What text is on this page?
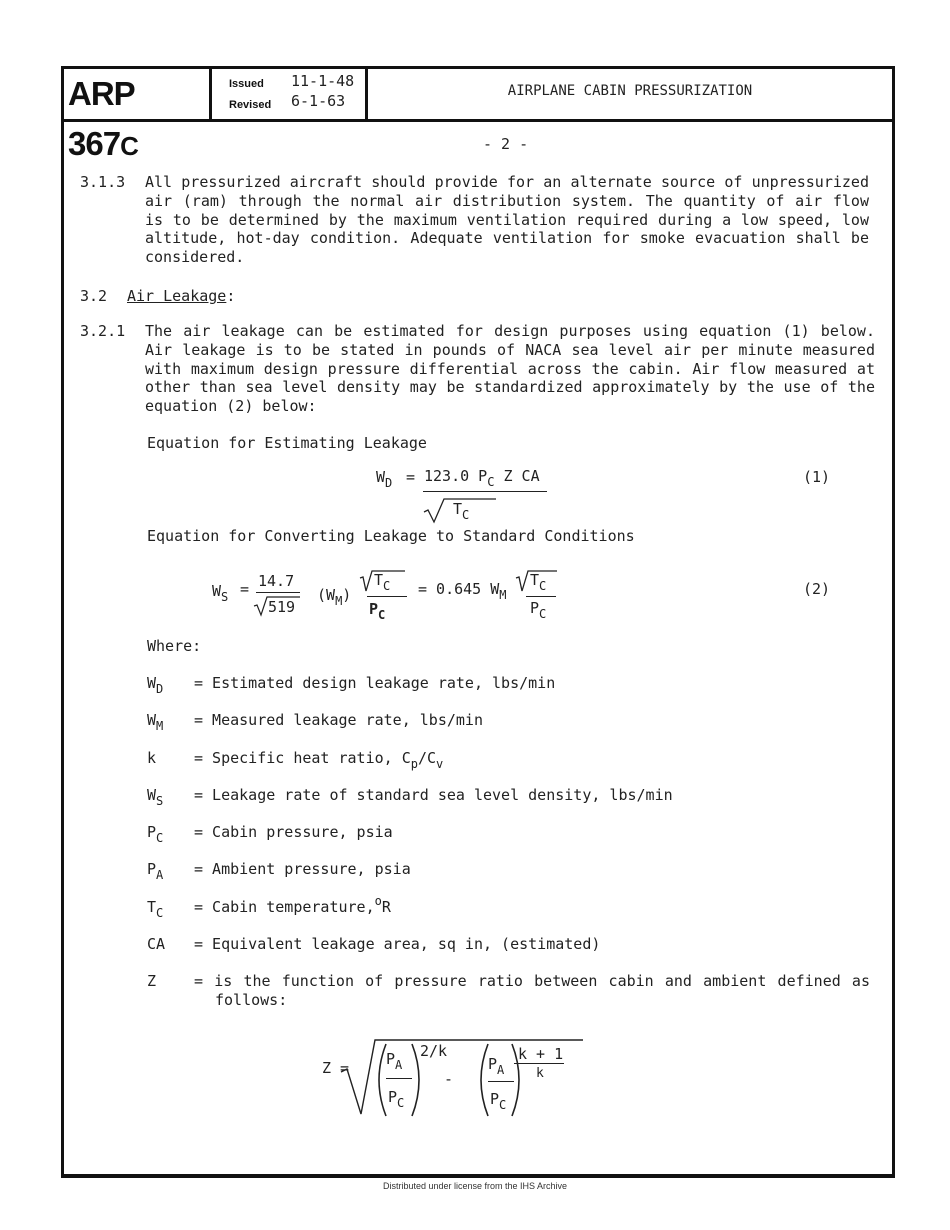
ARP 367C
Issued 11-1-48
Revised 6-1-63
AIRPLANE CABIN PRESSURIZATION
- 2 -
3.1.3 All pressurized aircraft should provide for an alternate source of unpressurized air (ram) through the normal air distribution system. The quantity of air flow is to be determined by the maximum ventilation required during a low speed, low altitude, hot-day condition. Adequate ventilation for smoke evacuation shall be considered.
3.2 Air Leakage:
3.2.1 The air leakage can be estimated for design purposes using equation (1) below. Air leakage is to be stated in pounds of NACA sea level air per minute measured with maximum design pressure differential across the cabin. Air flow measured at other than sea level density may be standardized approximately by the use of the equation (2) below:
Equation for Estimating Leakage
$W_D = 123.0$ $P_C$ Z CA
$T_C$
(1)
Equation for Converting Leakage to Standard Conditions
$W_S = 14.7$
519
$(W_M)$
$T_C$
$P_C$
= 0.645 $W_M$
$T_C$
$P_C$
(2)
Where:
$W_D$ = Estimated design leakage rate, lbs/min
$W_M$ = Measured leakage rate, lbs/min
k	= Specific heat ratio, $C_p/C_v$
$W_S$ = Leakage rate of standard sea level density, lbs/min
$P_C$ = Cabin pressure, psia
$P_A$ = Ambient pressure, psia
$T_C$ = Cabin temperature,$^o$R
CA = Equivalent leakage area, sq in, (estimated)
Z	= is the function of pressure ratio between cabin and ambient defined as follows:
$Z = P_A$
$P_C$
2/k
-
$P_A$
$P_C$
k + 1
k
Distributed under license from the IHS Archive
